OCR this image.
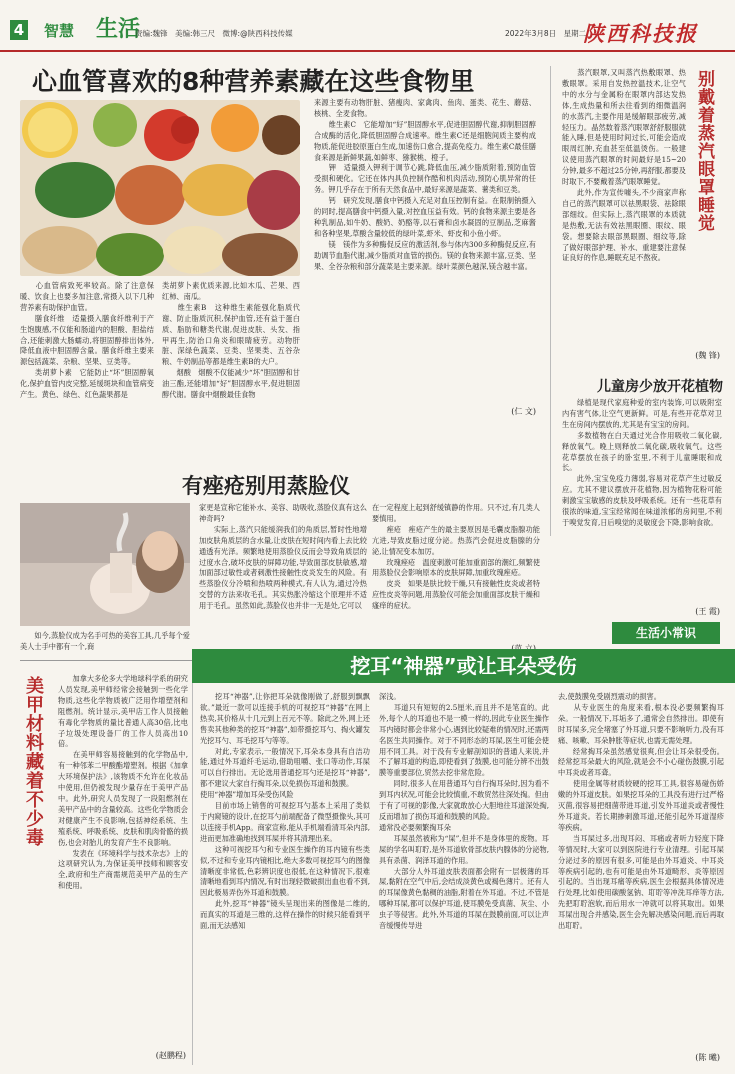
4 智慧 生活
责编:魏锋　美编:韩三尺　微博:@陕西科技传媒	2022年3月8日　星期二
陕西科技报
心血管喜欢的8种营养素藏在这些食物里
　　心血管病致死率较高。除了注意保暖、饮食上也要多加注意,常摄入以下几种营养素有助保护血管。
　　膳食纤维　适量摄入膳食纤维利于产生饱腹感,不仅能和肠道内的胆酸、胆盐结合,还能刺激大肠蠕动,将胆固醇排出体外,降低血液中胆固醇含量。膳食纤维主要来源包括蔬菜、杂粮、坚果、豆类等。
　　类胡萝卜素　它能防止“坏”胆固醇氧化,保护血管内皮完整,延缓斑块和血管病变产生。黄色、绿色、红色蔬果都是
类胡萝卜素优质来源,比如木瓜、芒果、西红柿、南瓜。
　　维生素B　这种维生素能强化脂质代谢、防止脂质沉积,保护血管,还有益于蛋白质、脂肪和糖类代谢,促进皮肤、头发、指甲再生,防治口角炎和眼睛疲劳。动物肝脏、深绿色蔬菜、豆类、坚果类、五谷杂粮、牛奶制品等都是维生素B的大户。
　　烟酸　烟酸不仅能减少“坏”胆固醇和甘油三酯,还能增加“好”胆固醇水平,促进胆固醇代谢。膳食中烟酸最佳食物
来源主要有动物肝脏、猪瘦肉、家禽肉、鱼肉、蛋类、花生、蘑菇、核桃、全麦食物。
　　维生素C　它能增加“好”胆固醇水平,促进胆固醇代谢,抑制胆固醇合成酶的活化,降低胆固醇合成速率。维生素C还是细胞间质主要构成物质,能促进胶原蛋白生成,加速伤口愈合,提高免疫力。维生素C最佳膳食来源是新鲜果蔬,如鲜枣、猕猴桃、橙子。
　　钾　适量摄入钾利于调节心跳,降低血压,减少脂质附着,预防血管受损和硬化。它还在体内具负控制作酷和机肉活动,预防心肌异常的任务。钾几乎存在于所有天然食品中,最好来源是蔬菜、薯类和豆类。
　　钙　研究发现,膳食中钙摄入充足对血压控制有益。在限制钠摄入的同时,提高膳食中钙摄入量,对控血压益有效。钙的食物来源主要是各种乳制品,如牛奶、酸奶、奶酪等,以石膏和卤水凝固的豆制品,芝麻酱和各种坚果,草酸含量较低的绿叶菜,虾米、虾皮和小鱼小虾。
　　镁　镁作为多种酶促反应的激活剂,参与体内300多种酶促反应,有助调节血脂代谢,减少脂质对血管的损伤。镁的食物来源丰富,豆类、坚果、全谷杂粮和部分蔬菜是主要来源。绿叶菜颜色越深,镁含越丰富。
(仁 文)
　　蒸汽眼罩,又叫蒸汽热敷眼罩、热敷眼罩。采用自发热控温技术,让空气中的水分与金属粉在眼罩内部达发热体,生成热量和所去往看到的细微温润的水蒸汽,主要作用是缓解眼部疲劳,减轻压力。晶然数着蒸汽眼罩舒舒服服就能入睡,但是使用时间过长,可能会造成眼周红肿,充血甚至低温烫伤。一般建议使用蒸汽眼罩的时间最好是15~20分钟,最多不超过25分钟,再舒服,都要及时取下,不要戴着蒸汽眼罩睡觉。
　　此外,作为宣传噱头,不少商家声称自己的蒸汽眼罩可以祛黑眼袋、祛除眼部细纹。但实际上,蒸汽眼罩的本质就是热敷,无法有效祛黑眼圈、眼纹、眼袋。想要除去眼部黑眼圈、细纹等,除了做好眼部护理、补水、重建要注意保证良好的作息,睡眠充足不熬夜。
别戴着蒸汽眼罩睡觉
(魏 锋)
儿童房少放开花植物
　　绿植是现代家庭种爱的室内装饰,可以吸附室内有害气体,让空气更新鲜。可是,有些开花草对卫生在房间内摆放的,尤其是有宝宝的房间。
　　多数植物在白天通过光合作用吸收二氧化碳,释放氧气。晚上则释放二氧化碳,吸收氧气。这些花草摆放在孩子的卧室里,不利于儿童睡眠和成长。
　　此外,宝宝免疫力薄弱,容易对花草产生过敏反应。尤其不建议摆放开花植物,因为植物花粉可能刺激宝宝敏感的皮肤及呼吸系统。还有一些花草有很浓的味道,宝宝经常闻在味道浓郁的房间里,不利于嗅觉发育,日后嗅觉的灵敏度会下降,影响食欲。
(王 霞)
生活小常识
有痤疮别用蒸脸仪
　　如今,蒸脸仪成为名手可热的美容工具,几乎每个爱美人士手中都有一个,商
家更是宣称它能补水、美容、助吸收,蒸脸仪真有这么神奇吗?
　　实际上,蒸汽只能缓润我们的角质层,暂时性地增加皮肤角质层的含水量,让皮肤在短时间内看上去比较通透有光泽。频繁地使用蒸脸仪反而会导致角质层的过度水合,破坏皮肤的屏障功能,导致面部皮肤敏感,增加面部过敏性或者刺激性接触性皮炎发生的风险。有些蒸脸仪分冷喷和热喷两种模式,有人认为,通过冷热交替的方法来收毛孔。其实热胀冷缩这个原理并不适用于毛孔。虽然如此,蒸脸仪也并非一无是处,它可以
在一定程度上起到舒缓镇静的作用。只不过,有几类人要慎用。
　　痤疮　痤疮产生的最主要原因是毛囊皮脂腺功能亢进,导致皮脂过度分泌。热蒸汽会促进皮脂腺的分泌,让情况变本加厉。
　　玫瑰痤疮　温度刺激可能加重面部的潮红,频繁使用蒸脸仪会影响原本的皮肤屏障,加重玫瑰痤疮。
　　皮炎　如果是肤比较干燥,只有接触性皮炎或者特应性皮炎等问题,用蒸脸仪可能会加重面部皮肤干燥和瘙痒的症状。
美甲材料藏着不少毒	　　加拿大多伦多大学地球科学系的研究人员发现,美甲师经常会接触到一些化学物质,这些化学物质被广泛用作增塑剂和阻燃剂。统计显示,美甲店工作人员接触有毒化学物质的量比普通人高30倍,比电子垃圾处理设备厂的工作人员高出10倍。
　　在美甲师容易接触到的化学物品中,有一种邻苯二甲酸酯增塑剂。根据《加拿大环境保护法》,该物质不允许在化妆品中使用,但仍被发现少量存在于美甲产品中。此外,研究人员发现了一段阻燃剂在美甲产品中的含量较高。这些化学物质会对健康产生不良影响,包括神经系统、生殖系统、呼吸系统、皮肤和肌肉骨骼的损伤,也会对胎儿的发育产生不良影响。
　　发表在《环境科学与技术杂志》上的这项研究认为,为保证美甲技师和顾客安全,政府和生产商需规范美甲产品的生产和使用。
(赵鹏程)
挖耳“神器”或让耳朵受伤
　　挖耳“神器”,让你把耳朵就像刚做了,舒服到飘飘欲。”最近一款可以连接手机的可视挖耳“神器”在网上热卖,其价格从十几元到上百元不等。除此之外,网上还售卖其他种类的挖耳“神器”,如带摄挖耳勺、掏火罐发光挖耳勺、耳毛挖耳勺等等。
　　对此,专家表示,一般情况下,耳朵本身具有自洁功能,通过外耳道纤毛运动,借助咀嚼、张口等动作,耳屎可以自行排出。无论选用普通挖耳勺还是挖耳“神器”,都不建议大家自行掏耳朵,以免损伤耳道和鼓膜。
使用“神器”增加耳朵受伤风险
　　目前市场上销售的可视挖耳勺基本上采用了类似于内窥镜的设计,在挖耳勺前端配备了微型摄像头,其可以连接手机App。商家宣称,能从手机端看清耳朵内部,进而更加准确地找到耳屎并将其清理出来。
　　这种可视挖耳勺和专业医生操作的耳内镜有些类似,不过和专业耳内镜相比,绝大多数可视挖耳勺的图像清晰度非常低,色彩辨识度也很低,在这种情况下,很难清晰地看到耳内情况,有时出现轻微破损出血也看不到,因此极易弄伤外耳道和鼓膜。
　　此外,挖耳“神器”镜头呈现出来的图像是二维的,而真实的耳道是三维的,这样在操作的时候只能看到平面,而无法感知
深浅。
　　耳道只有短短的2.5厘米,而且并不是笔直的。此外,每个人的耳道也不是一模一样的,因此专业医生操作耳内镜时都会非常小心,遇到比较疑难的情况时,还需两名医生共同操作。对于不同形态的耳屎,医生可能会使用不同工具。对于没有专业解剖知识的普通人来说,并不了解耳道的构造,即使看到了鼓膜,也可能分辨不出鼓膜等重要部位,贸然去挖非常危险。
　　同时,很多人在用普通耳勺自行掏耳朵时,因为看不到耳内状况,可能会比较慎重,不敢贸然往深处掏。但由于有了可视的影像,大家就敢放心大胆地往耳道深处掏,反而增加了损伤耳道和鼓膜的风险。
通常没必要频繁掏耳朵
　　耳屎虽然被称为“屎”,但并不是身体里的废物。耳屎的学名叫耵聍,是外耳道软骨部皮肤内腺体的分泌物,具有杀菌、润泽耳道的作用。
　　大部分人外耳道皮肤表面都会附有一层极薄的耳屎,黏附在空气中后,会结成淡黄色或褐色薄片。还有人的耳屎像黄色黏稠的油脂,附着在外耳道。不过,不管是哪种耳屎,都可以保护耳道,使耳膜免受真菌、灰尘、小虫子等侵害。此外,外耳道的耳屎在鼓膜前面,可以让声音缓慢传导进
去,使鼓膜免受剧烈震动的损害。
　　从专业医生的角度来看,根本没必要频繁掏耳朵。一般情况下,耳垢多了,通常会自然排出。即使有时耳屎多,完全堵塞了外耳道,只要不影响听力,没有耳痛、咳嗽、耳朵肿胀等症状,也需无需处理。
　　经常掏耳朵虽然感觉很爽,但会让耳朵很受伤。经常挖耳朵最大的风险,就是会不小心碰伤鼓膜,引起中耳炎或者耳聋。
　　使用金属等材质较硬的挖耳工具,很容易碰伤娇嫩的外耳道皮肤。如果挖耳朵的工具没有进行过严格灭菌,很容易把细菌带进耳道,引发外耳道炎或者慢性外耳道炎。若长期掺刺激耳道,还能引起外耳道湿疹等疾病。
　　当耳屎过多,出现耳闷、耳痛或者听力轻度下降等情况时,大家可以到医院进行专业清理。引起耳屎分泌过多的原因有很多,可能是由外耳道炎、中耳炎等疾病引起的,也有可能是由外耳道畸形、炎等原因引起的。当出现耳痛等疾病,医生会根据具体情况进行处理,比如使用碳酸氢钠、耵聍等冲洗耳痒等方法,先把耵聍泡软,而后用水一冲就可以将其取出。如果耳屎出现合并感染,医生会先解决感染问题,而后再取出耵聍。
(陈 曦)
